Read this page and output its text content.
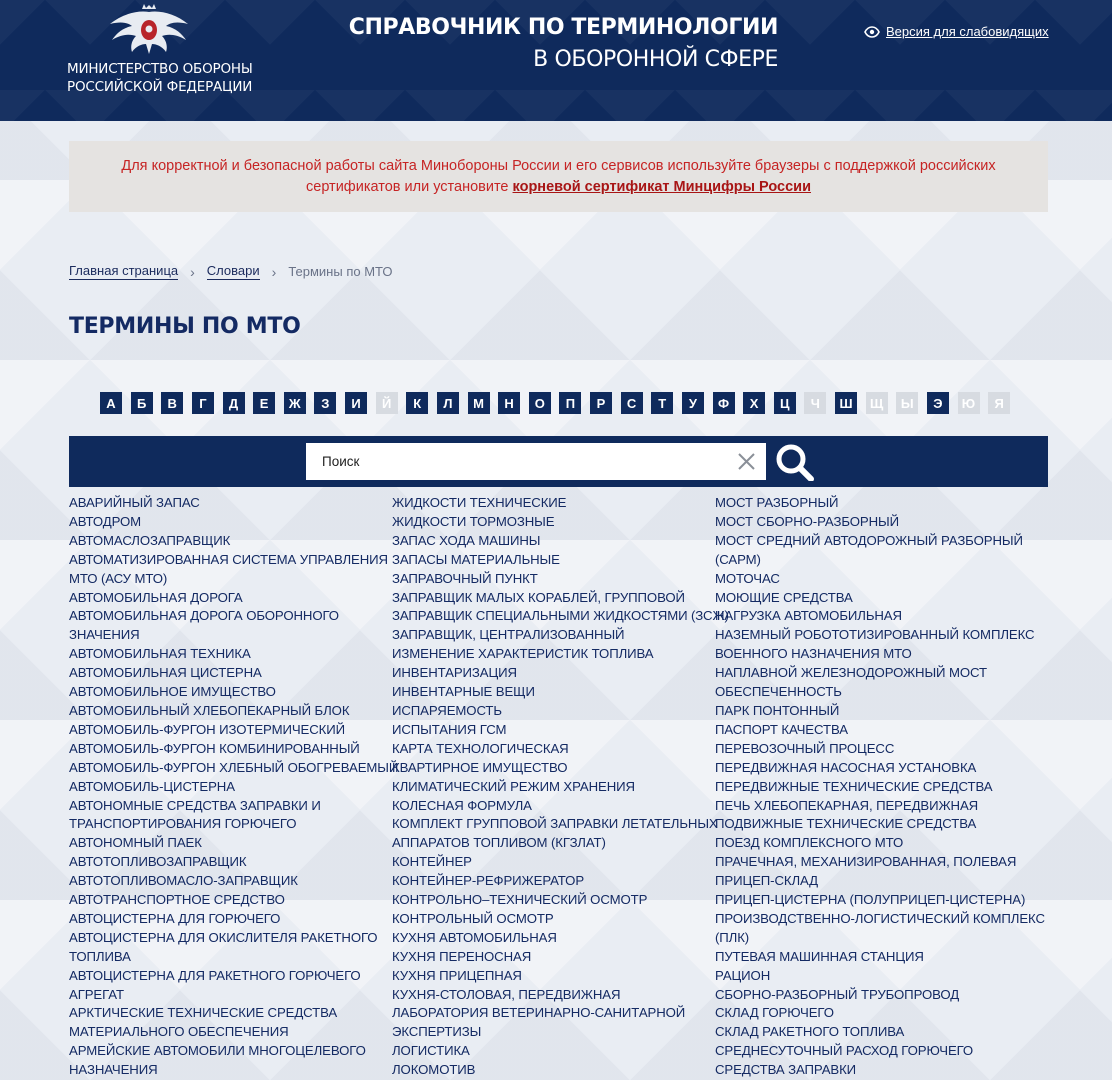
МИНИСТЕРСТВО ОБОРОНЫ
РОССИЙСКОЙ ФЕДЕРАЦИИ
СПРАВОЧНИК ПО ТЕРМИНОЛОГИИ
В ОБОРОННОЙ СФЕРЕ
Версия для слабовидящих
Для корректной и безопасной работы сайта Минобороны России и его сервисов используйте браузеры с поддержкой российских сертификатов или установите корневой сертификат Минцифры России
Главная страница › Словари › Термины по МТО
ТЕРМИНЫ ПО МТО
А	Б	В	Г	Д	Е	Ж	З	И	Й	К	Л	М	Н	О	П	Р	С	Т	У	Ф	Х	Ц	Ч	Ш	Щ	Ы	Э	Ю	Я
Поиск
АВАРИЙНЫЙ ЗАПАС
АВТОДРОМ
АВТОМАСЛОЗАПРАВЩИК
АВТОМАТИЗИРОВАННАЯ СИСТЕМА УПРАВЛЕНИЯ
МТО (АСУ МТО)
АВТОМОБИЛЬНАЯ ДОРОГА
АВТОМОБИЛЬНАЯ ДОРОГА ОБОРОННОГО
ЗНАЧЕНИЯ
АВТОМОБИЛЬНАЯ ТЕХНИКА
АВТОМОБИЛЬНАЯ ЦИСТЕРНА
АВТОМОБИЛЬНОЕ ИМУЩЕСТВО
АВТОМОБИЛЬНЫЙ ХЛЕБОПЕКАРНЫЙ БЛОК
АВТОМОБИЛЬ-ФУРГОН ИЗОТЕРМИЧЕСКИЙ
АВТОМОБИЛЬ-ФУРГОН КОМБИНИРОВАННЫЙ
АВТОМОБИЛЬ-ФУРГОН ХЛЕБНЫЙ ОБОГРЕВАЕМЫЙ
АВТОМОБИЛЬ-ЦИСТЕРНА
АВТОНОМНЫЕ СРЕДСТВА ЗАПРАВКИ И
ТРАНСПОРТИРОВАНИЯ ГОРЮЧЕГО
АВТОНОМНЫЙ ПАЕК
АВТОТОПЛИВОЗАПРАВЩИК
АВТОТОПЛИВОМАСЛО-ЗАПРАВЩИК
АВТОТРАНСПОРТНОЕ СРЕДСТВО
АВТОЦИСТЕРНА ДЛЯ ГОРЮЧЕГО
АВТОЦИСТЕРНА ДЛЯ ОКИСЛИТЕЛЯ РАКЕТНОГО
ТОПЛИВА
АВТОЦИСТЕРНА ДЛЯ РАКЕТНОГО ГОРЮЧЕГО
АГРЕГАТ
АРКТИЧЕСКИЕ ТЕХНИЧЕСКИЕ СРЕДСТВА
МАТЕРИАЛЬНОГО ОБЕСПЕЧЕНИЯ
АРМЕЙСКИЕ АВТОМОБИЛИ МНОГОЦЕЛЕВОГО
НАЗНАЧЕНИЯ
ЖИДКОСТИ ТЕХНИЧЕСКИЕ
ЖИДКОСТИ ТОРМОЗНЫЕ
ЗАПАС ХОДА МАШИНЫ
ЗАПАСЫ МАТЕРИАЛЬНЫЕ
ЗАПРАВОЧНЫЙ ПУНКТ
ЗАПРАВЩИК МАЛЫХ КОРАБЛЕЙ, ГРУППОВОЙ
ЗАПРАВЩИК СПЕЦИАЛЬНЫМИ ЖИДКОСТЯМИ (ЗСЖ)
ЗАПРАВЩИК, ЦЕНТРАЛИЗОВАННЫЙ
ИЗМЕНЕНИЕ ХАРАКТЕРИСТИК ТОПЛИВА
ИНВЕНТАРИЗАЦИЯ
ИНВЕНТАРНЫЕ ВЕЩИ
ИСПАРЯЕМОСТЬ
ИСПЫТАНИЯ ГСМ
КАРТА ТЕХНОЛОГИЧЕСКАЯ
КВАРТИРНОЕ ИМУЩЕСТВО
КЛИМАТИЧЕСКИЙ РЕЖИМ ХРАНЕНИЯ
КОЛЕСНАЯ ФОРМУЛА
КОМПЛЕКТ ГРУППОВОЙ ЗАПРАВКИ ЛЕТАТЕЛЬНЫХ
АППАРАТОВ ТОПЛИВОМ (КГЗЛАТ)
КОНТЕЙНЕР
КОНТЕЙНЕР-РЕФРИЖЕРАТОР
КОНТРОЛЬНО–ТЕХНИЧЕСКИЙ ОСМОТР
КОНТРОЛЬНЫЙ ОСМОТР
КУХНЯ АВТОМОБИЛЬНАЯ
КУХНЯ ПЕРЕНОСНАЯ
КУХНЯ ПРИЦЕПНАЯ
КУХНЯ-СТОЛОВАЯ, ПЕРЕДВИЖНАЯ
ЛАБОРАТОРИЯ ВЕТЕРИНАРНО-САНИТАРНОЙ
ЭКСПЕРТИЗЫ
ЛОГИСТИКА
ЛОКОМОТИВ
МОСТ РАЗБОРНЫЙ
МОСТ СБОРНО-РАЗБОРНЫЙ
МОСТ СРЕДНИЙ АВТОДОРОЖНЫЙ РАЗБОРНЫЙ
(САРМ)
МОТОЧАС
МОЮЩИЕ СРЕДСТВА
НАГРУЗКА АВТОМОБИЛЬНАЯ
НАЗЕМНЫЙ РОБОТОТИЗИРОВАННЫЙ КОМПЛЕКС
ВОЕННОГО НАЗНАЧЕНИЯ МТО
НАПЛАВНОЙ ЖЕЛЕЗНОДОРОЖНЫЙ МОСТ
ОБЕСПЕЧЕННОСТЬ
ПАРК ПОНТОННЫЙ
ПАСПОРТ КАЧЕСТВА
ПЕРЕВОЗОЧНЫЙ ПРОЦЕСС
ПЕРЕДВИЖНАЯ НАСОСНАЯ УСТАНОВКА
ПЕРЕДВИЖНЫЕ ТЕХНИЧЕСКИЕ СРЕДСТВА
ПЕЧЬ ХЛЕБОПЕКАРНАЯ, ПЕРЕДВИЖНАЯ
ПОДВИЖНЫЕ ТЕХНИЧЕСКИЕ СРЕДСТВА
ПОЕЗД КОМПЛЕКСНОГО МТО
ПРАЧЕЧНАЯ, МЕХАНИЗИРОВАННАЯ, ПОЛЕВАЯ
ПРИЦЕП-СКЛАД
ПРИЦЕП-ЦИСТЕРНА (ПОЛУПРИЦЕП-ЦИСТЕРНА)
ПРОИЗВОДСТВЕННО-ЛОГИСТИЧЕСКИЙ КОМПЛЕКС
(ПЛК)
ПУТЕВАЯ МАШИННАЯ СТАНЦИЯ
РАЦИОН
СБОРНО-РАЗБОРНЫЙ ТРУБОПРОВОД
СКЛАД ГОРЮЧЕГО
СКЛАД РАКЕТНОГО ТОПЛИВА
СРЕДНЕСУТОЧНЫЙ РАСХОД ГОРЮЧЕГО
СРЕДСТВА ЗАПРАВКИ
